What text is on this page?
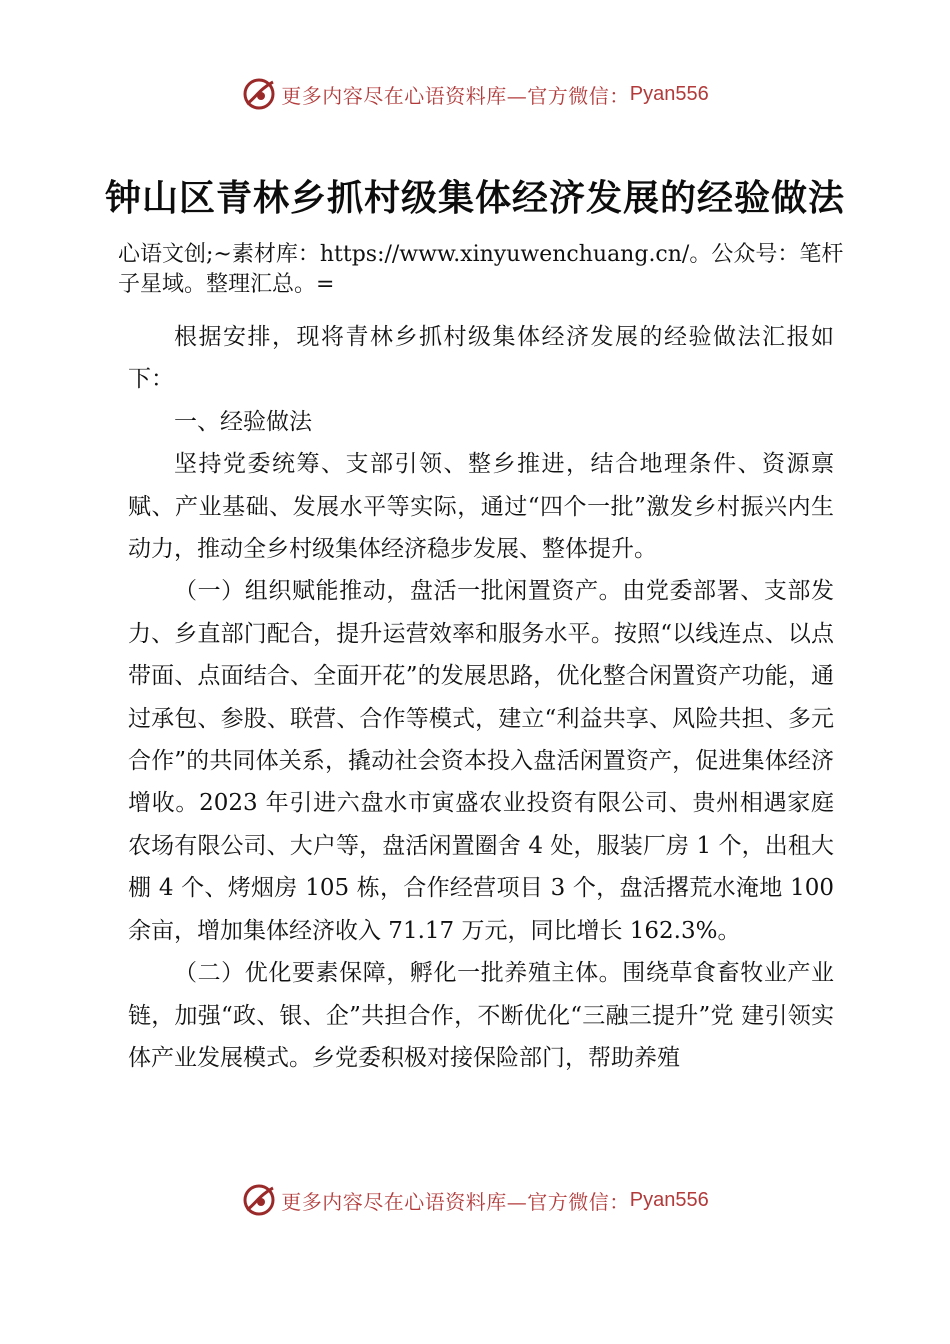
更多内容尽在心语资料库—官方微信： Pyan556
钟山区青林乡抓村级集体经济发展的经验做法
心语文创;~素材库：https://www.xinyuwenchuang.cn/。公众号：笔杆子星域。整理汇总。=

根据安排，现将青林乡抓村级集体经济发展的经验做法汇报如下：

一、经验做法

坚持党委统筹、支部引领、整乡推进，结合地理条件、资源禀赋、产业基础、发展水平等实际，通过“四个一批”激发乡村振兴内生动力，推动全乡村级集体经济稳步发展、整体提升。

（一）组织赋能推动，盘活一批闲置资产。由党委部署、支部发力、乡直部门配合，提升运营效率和服务水平。按照“以线连点、以点带面、点面结合、全面开花”的发展思路，优化整合闲置资产功能，通过承包、参股、联营、合作等模式，建立“利益共享、风险共担、多元合作”的共同体关系，撬动社会资本投入盘活闲置资产，促进集体经济增收。2023 年引进六盘水市寅盛农业投资有限公司、贵州相遇家庭农场有限公司、大户等，盘活闲置圈舍 4 处，服装厂房 1 个，出租大棚 4 个、烤烟房 105 栋，合作经营项目 3 个，盘活撂荒水淹地 100 余亩，增加集体经济收入 71.17 万元，同比增长 162.3%。

（二）优化要素保障，孵化一批养殖主体。围绕草食畜牧业产业链，加强“政、银、企”共担合作，不断优化“三融三提升”党 建引领实体产业发展模式。乡党委积极对接保险部门，帮助养殖

更多内容尽在心语资料库—官方微信： Pyan556
